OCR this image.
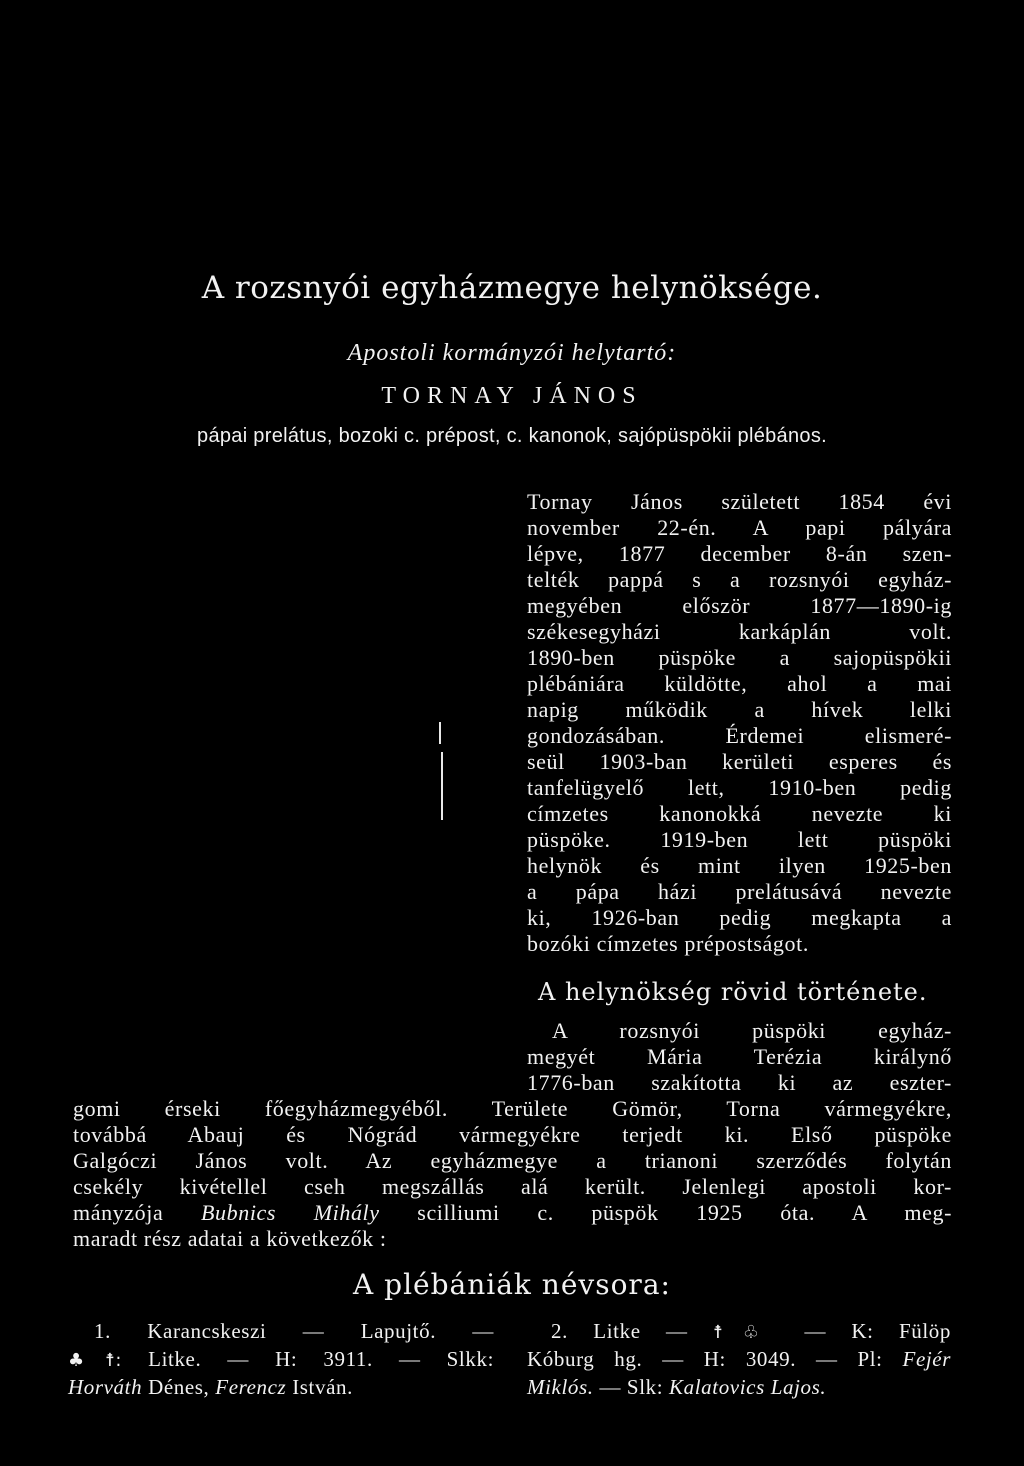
A rozsnyói egyházmegye helynöksége.
Apostoli kormányzói helytartó:
TORNAY JÁNOS
pápai prelátus, bozoki c. prépost, c. kanonok, sajópüspökii plébános.
Tornay János született 1854 évi
november 22-én. A papi pályára
lépve, 1877 december 8-án szen-
telték pappá s a rozsnyói egyház-
megyében először 1877—1890-ig
székesegyházi karkáplán volt.
1890-ben püspöke a sajopüspökii
plébániára küldötte, ahol a mai
napig működik a hívek lelki
gondozásában. Érdemei elismeré-
seül 1903-ban kerületi esperes és
tanfelügyelő lett, 1910-ben pedig
címzetes kanonokká nevezte ki
püspöke. 1919-ben lett püspöki
helynök és mint ilyen 1925-ben
a pápa házi prelátusává nevezte
ki, 1926-ban pedig megkapta a
bozóki címzetes prépostságot.
A helynökség rövid története.
A rozsnyói püspöki egyház-
megyét Mária Terézia királynő
1776-ban szakította ki az eszter-
gomi érseki főegyházmegyéből. Területe Gömör, Torna vármegyékre,
továbbá Abauj és Nógrád vármegyékre terjedt ki. Első püspöke
Galgóczi János volt. Az egyházmegye a trianoni szerződés folytán
csekély kivétellel cseh megszállás alá került. Jelenlegi apostoli kor-
mányzója Bubnics Mihály scilliumi c. püspök 1925 óta. A meg-
maradt rész adatai a következők :
A plébániák névsora:
1. Karancskeszi — Lapujtő. —
♣☨: Litke. — H: 3911. — Slkk:
Horváth Dénes, Ferencz István.
2. Litke — ☨♧ — K: Fülöp
Kóburg hg. — H: 3049. — Pl: Fejér
Miklós. — Slk: Kalatovics Lajos.
